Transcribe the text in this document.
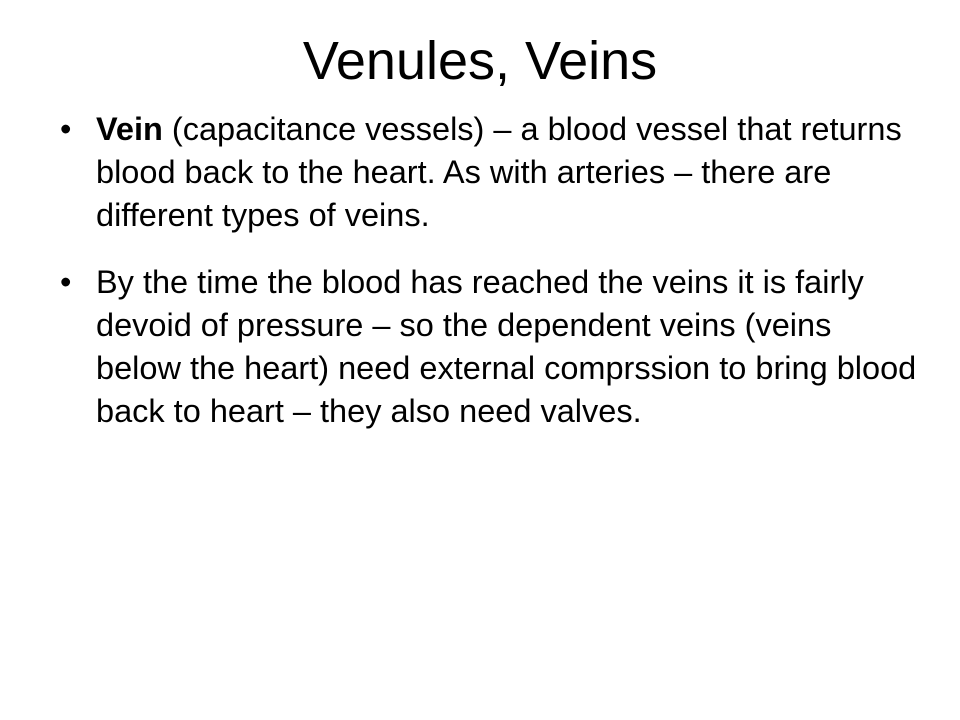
Venules, Veins
• Vein (capacitance vessels) – a blood vessel that returns blood back to the heart. As with arteries – there are different types of veins.
• By the time the blood has reached the veins it is fairly devoid of pressure – so the dependent veins (veins below the heart) need external comprssion to bring blood back to heart – they also need valves.
